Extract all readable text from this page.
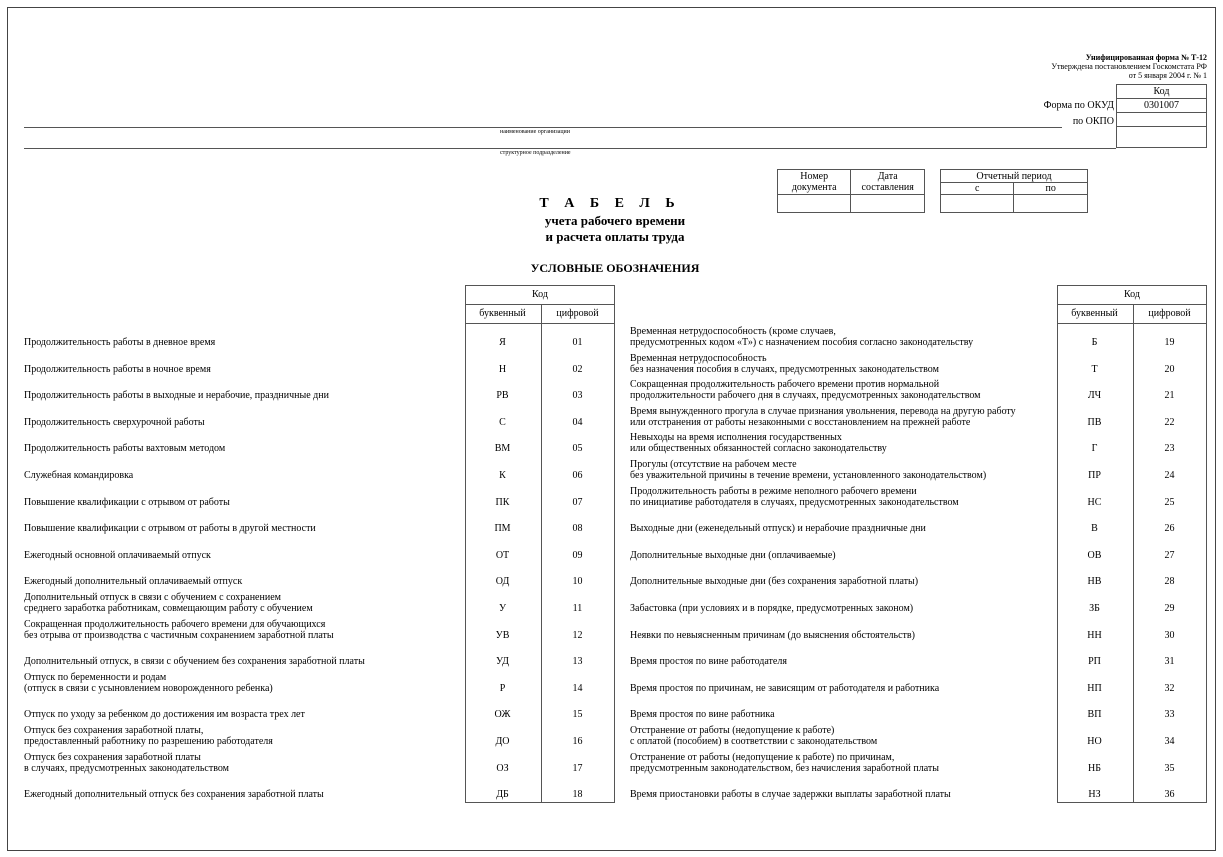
Унифицированная форма № Т-12
Утверждена постановлением Госкомстата РФ
от 5 января 2004 г. № 1
Код
0301007

Форма по ОКУД
по ОКПО
наименование организации
структурное подразделение
Номер документа	Дата составления

Отчетный период	
с	по

Т А Б Е Л Ь
учета рабочего времени
и расчета оплаты труда
УСЛОВНЫЕ ОБОЗНАЧЕНИЯ
Код
буквенный	цифровой
Код
буквенный	цифровой
Продолжительность работы в дневное время	Я	01
Продолжительность работы в ночное время	Н	02
Продолжительность работы в выходные и нерабочие, праздничные дни	РВ	03
Продолжительность сверхурочной работы	С	04
Продолжительность работы вахтовым методом	ВМ	05
Служебная командировка	К	06
Повышение квалификации с отрывом от работы	ПК	07
Повышение квалификации с отрывом от работы в другой местности	ПМ	08
Ежегодный основной оплачиваемый отпуск	ОТ	09
Ежегодный дополнительный оплачиваемый отпуск	ОД	10
Дополнительный отпуск в связи с обучением с сохранением
среднего заработка работникам, совмещающим работу с обучением	У	11
Сокращенная продолжительность рабочего времени для обучающихся
без отрыва от производства с частичным сохранением заработной платы	УВ	12
Дополнительный отпуск, в связи с обучением без сохранения заработной платы	УД	13
Отпуск по беременности и родам
(отпуск в связи с усыновлением новорожденного ребенка)	Р	14
Отпуск по уходу за ребенком до достижения им возраста трех лет	ОЖ	15
Отпуск без сохранения заработной платы,
предоставленный работнику по разрешению работодателя	ДО	16
Отпуск без сохранения заработной платы
в случаях, предусмотренных законодательством	ОЗ	17
Ежегодный дополнительный отпуск без сохранения заработной платы	ДБ	18
Временная нетрудоспособность (кроме случаев,
предусмотренных кодом «Т») с назначением пособия согласно законодательству	Б	19
Временная нетрудоспособность
без назначения пособия в случаях, предусмотренных законодательством	Т	20
Сокращенная продолжительность рабочего времени против нормальной
продолжительности рабочего дня в случаях, предусмотренных законодательством	ЛЧ	21
Время вынужденного прогула в случае признания увольнения, перевода на другую работу
или отстранения от работы незаконными с восстановлением на прежней работе	ПВ	22
Невыходы на время исполнения государственных
или общественных обязанностей согласно законодательству	Г	23
Прогулы (отсутствие на рабочем месте
без уважительной причины в течение времени, установленного законодательством)	ПР	24
Продолжительность работы в режиме неполного рабочего времени
по инициативе работодателя в случаях, предусмотренных законодательством	НС	25
Выходные дни (еженедельный отпуск) и нерабочие праздничные дни	В	26
Дополнительные выходные дни (оплачиваемые)	ОВ	27
Дополнительные выходные дни (без сохранения заработной платы)	НВ	28
Забастовка (при условиях и в порядке, предусмотренных законом)	ЗБ	29
Неявки по невыясненным причинам (до выяснения обстоятельств)	НН	30
Время простоя по вине работодателя	РП	31
Время простоя по причинам, не зависящим от работодателя и работника	НП	32
Время простоя по вине работника	ВП	33
Отстранение от работы (недопущение к работе)
с оплатой (пособием) в соответствии с законодательством	НО	34
Отстранение от работы (недопущение к работе) по причинам,
предусмотренным законодательством, без начисления заработной платы	НБ	35
Время приостановки работы в случае задержки выплаты заработной платы	НЗ	36
